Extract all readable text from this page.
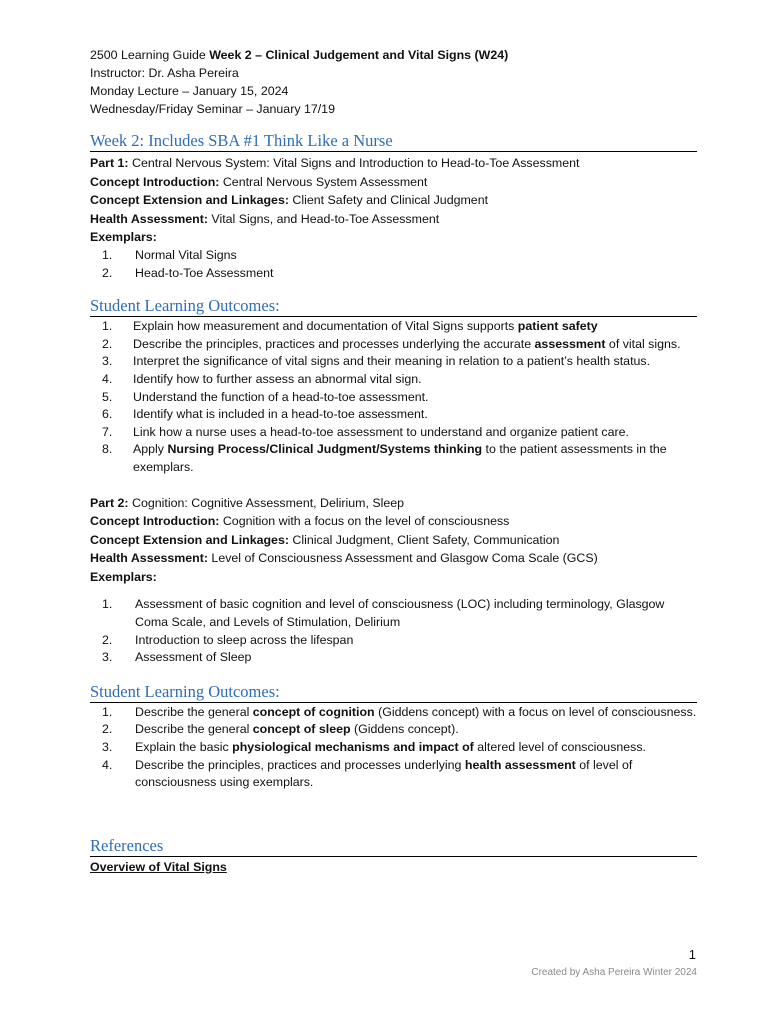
2500 Learning Guide Week 2 – Clinical Judgement and Vital Signs (W24)
Instructor: Dr. Asha Pereira
Monday Lecture – January 15, 2024
Wednesday/Friday Seminar – January 17/19
Week 2: Includes SBA #1 Think Like a Nurse
Part 1: Central Nervous System: Vital Signs and Introduction to Head-to-Toe Assessment
Concept Introduction: Central Nervous System Assessment
Concept Extension and Linkages: Client Safety and Clinical Judgment
Health Assessment: Vital Signs, and Head-to-Toe Assessment
Exemplars:
1. Normal Vital Signs
2. Head-to-Toe Assessment
Student Learning Outcomes:
1. Explain how measurement and documentation of Vital Signs supports patient safety
2. Describe the principles, practices and processes underlying the accurate assessment of vital signs.
3. Interpret the significance of vital signs and their meaning in relation to a patient’s health status.
4. Identify how to further assess an abnormal vital sign.
5. Understand the function of a head-to-toe assessment.
6. Identify what is included in a head-to-toe assessment.
7. Link how a nurse uses a head-to-toe assessment to understand and organize patient care.
8. Apply Nursing Process/Clinical Judgment/Systems thinking to the patient assessments in the exemplars.
Part 2: Cognition: Cognitive Assessment, Delirium, Sleep
Concept Introduction: Cognition with a focus on the level of consciousness
Concept Extension and Linkages: Clinical Judgment, Client Safety, Communication
Health Assessment: Level of Consciousness Assessment and Glasgow Coma Scale (GCS)
Exemplars:
1. Assessment of basic cognition and level of consciousness (LOC) including terminology, Glasgow Coma Scale, and Levels of Stimulation, Delirium
2. Introduction to sleep across the lifespan
3. Assessment of Sleep
Student Learning Outcomes:
1. Describe the general concept of cognition (Giddens concept) with a focus on level of consciousness.
2. Describe the general concept of sleep (Giddens concept).
3. Explain the basic physiological mechanisms and impact of altered level of consciousness.
4. Describe the principles, practices and processes underlying health assessment of level of consciousness using exemplars.
References
Overview of Vital Signs
1
Created by Asha Pereira Winter 2024
